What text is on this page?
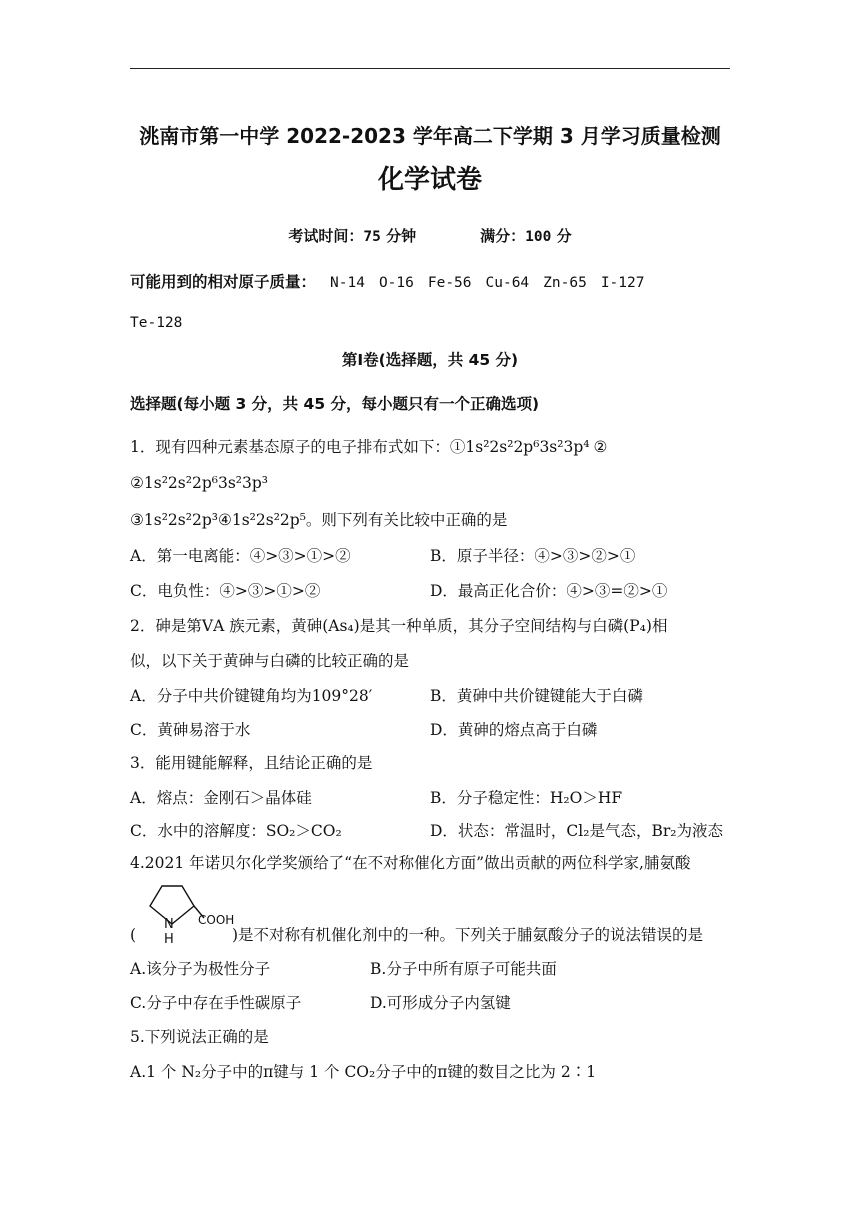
洮南市第一中学 2022-2023 学年高二下学期 3 月学习质量检测
化学试卷
考试时间：75 分钟	满分：100 分
可能用到的相对原子质量： N-14 O-16 Fe-56 Cu-64 Zn-65 I-127
Te-128
第Ⅰ卷(选择题，共 45 分)
选择题(每小题 3 分，共 45 分，每小题只有一个正确选项)
1．现有四种元素基态原子的电子排布式如下：①1s²2s²2p⁶3s²3p⁴ ②
②1s²2s²2p⁶3s²3p³
③1s²2s²2p³④1s²2s²2p⁵。则下列有关比较中正确的是
A．第一电离能：④>③>①>②	B．原子半径：④>③>②>①
C．电负性：④>③>①>②	D．最高正化合价：④>③=②>①
2．砷是第ⅤA 族元素，黄砷(As₄)是其一种单质，其分子空间结构与白磷(P₄)相
似，以下关于黄砷与白磷的比较正确的是
A．分子中共价键键角均为109°28′	B．黄砷中共价键键能大于白磷
C．黄砷易溶于水	D．黄砷的熔点高于白磷
3．能用键能解释，且结论正确的是
A．熔点：金刚石＞晶体硅	B．分子稳定性：H₂O＞HF
C．水中的溶解度：SO₂＞CO₂	D．状态：常温时，Cl₂是气态，Br₂为液态
4.2021 年诺贝尔化学奖颁给了“在不对称催化方面”做出贡献的两位科学家,脯氨酸
N
H
COOH
(	)是不对称有机催化剂中的一种。下列关于脯氨酸分子的说法错误的是
A.该分子为极性分子	B.分子中所有原子可能共面
C.分子中存在手性碳原子	D.可形成分子内氢键
5.下列说法正确的是
A.1 个 N₂分子中的π键与 1 个 CO₂分子中的π键的数目之比为 2∶1
